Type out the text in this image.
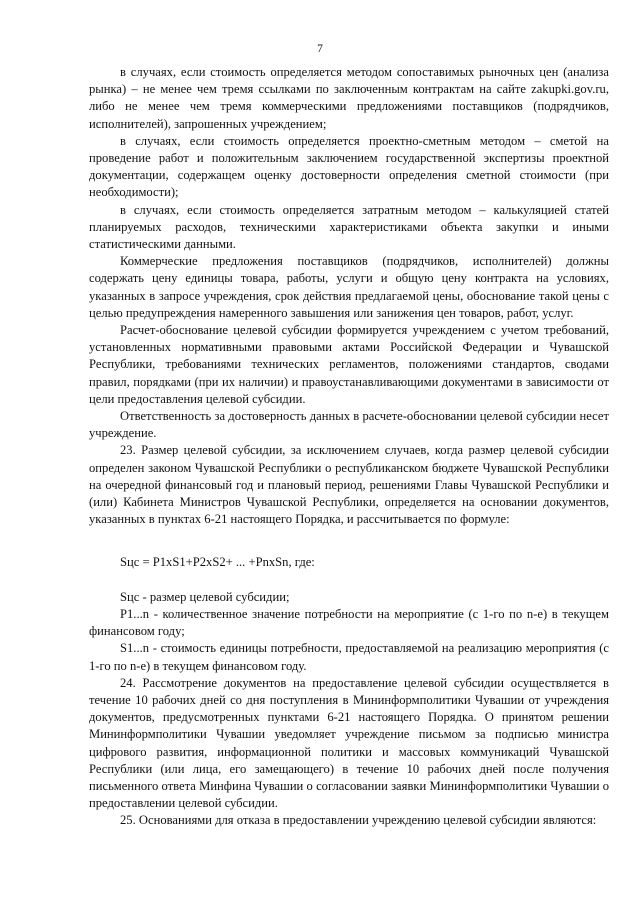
7

в случаях, если стоимость определяется методом сопоставимых рыночных цен (анализа рынка) – не менее чем тремя ссылками по заключенным контрактам на сайте zakupki.gov.ru, либо не менее чем тремя коммерческими предложениями поставщиков (подрядчиков, исполнителей), запрошенных учреждением;

в случаях, если стоимость определяется проектно-сметным методом – сметой на проведение работ и положительным заключением государственной экспертизы проектной документации, содержащем оценку достоверности определения сметной стоимости (при необходимости);

в случаях, если стоимость определяется затратным методом – калькуляцией статей планируемых расходов, техническими характеристиками объекта закупки и иными статистическими данными.

Коммерческие предложения поставщиков (подрядчиков, исполнителей) должны содержать цену единицы товара, работы, услуги и общую цену контракта на условиях, указанных в запросе учреждения, срок действия предлагаемой цены, обоснование такой цены с целью предупреждения намеренного завышения или занижения цен товаров, работ, услуг.

Расчет-обоснование целевой субсидии формируется учреждением с учетом требований, установленных нормативными правовыми актами Российской Федерации и Чувашской Республики, требованиями технических регламентов, положениями стандартов, сводами правил, порядками (при их наличии) и правоустанавливающими документами в зависимости от цели предоставления целевой субсидии.

Ответственность за достоверность данных в расчете-обосновании целевой субсидии несет учреждение.

23. Размер целевой субсидии, за исключением случаев, когда размер целевой субсидии определен законом Чувашской Республики о республиканском бюджете Чувашской Республики на очередной финансовый год и плановый период, решениями Главы Чувашской Республики и (или) Кабинета Министров Чувашской Республики, определяется на основании документов, указанных в пунктах 6-21 настоящего Порядка, и рассчитывается по формуле:

Sцс = P1xS1+P2xS2+ ... +PnxSn, где:

Sцс - размер целевой субсидии;

P1...n - количественное значение потребности на мероприятие (с 1-го по n-е) в текущем финансовом году;

S1...n - стоимость единицы потребности, предоставляемой на реализацию мероприятия (с 1-го по n-е) в текущем финансовом году.

24. Рассмотрение документов на предоставление целевой субсидии осуществляется в течение 10 рабочих дней со дня поступления в Мининформполитики Чувашии от учреждения документов, предусмотренных пунктами 6-21 настоящего Порядка. О принятом решении Мининформполитики Чувашии уведомляет учреждение письмом за подписью министра цифрового развития, информационной политики и массовых коммуникаций Чувашской Республики (или лица, его замещающего) в течение 10 рабочих дней после получения письменного ответа Минфина Чувашии о согласовании заявки Мининформполитики Чувашии о предоставлении целевой субсидии.

25. Основаниями для отказа в предоставлении учреждению целевой субсидии являются:
